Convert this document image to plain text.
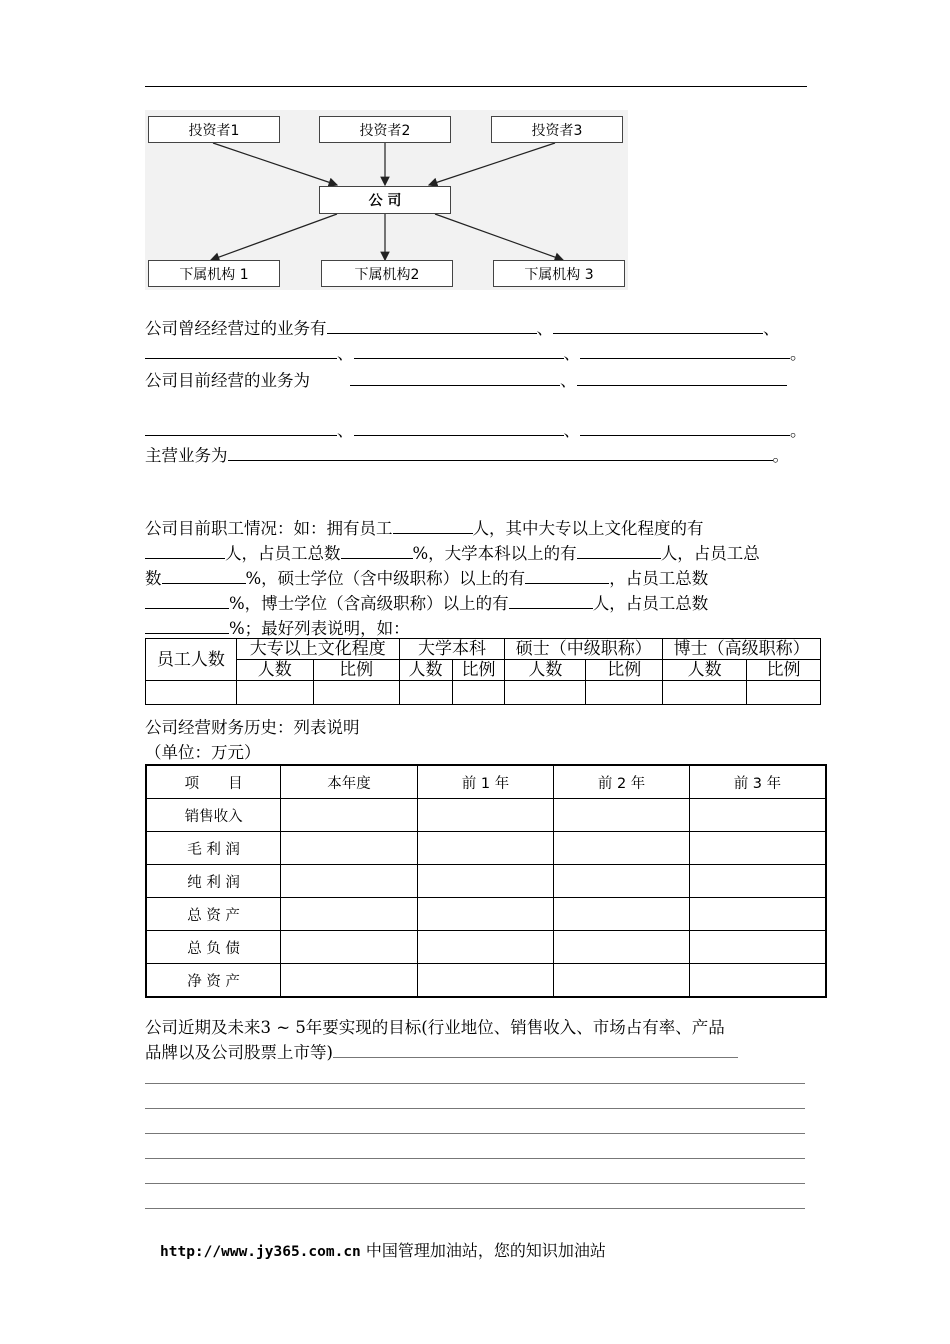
投资者1	投资者2	投资者3
公 司
下属机构 1	下属机构2	下属机构 3
公司曾经经营过的业务有	、	、
、	、	。
公司目前经营的业务为	、
、	、	。
主营业务为	。
公司目前职工情况：如：拥有员工	人，其中大专以上文化程度的有
人，占员工总数	%，大学本科以上的有	人，占员工总
数	%，硕士学位（含中级职称）以上的有	，占员工总数
%，博士学位（含高级职称）以上的有	人，占员工总数
%；最好列表说明，如：
员工人数	大专以上文化程度		大学本科		硕士（中级职称）		博士（高级职称）	
	人数	比例	人数	比例	人数	比例	人数	比例

公司经营财务历史：列表说明
（单位：万元）
项　　目	本年度	前 1 年	前 2 年	前 3 年
销售收入				
毛 利 润				
纯 利 润				
总 资 产				
总 负 债				
净 资 产				
公司近期及未来3 ~ 5年要实现的目标(行业地位、销售收入、市场占有率、产品
品牌以及公司股票上市等)
http://www.jy365.com.cn 中国管理加油站，您的知识加油站
